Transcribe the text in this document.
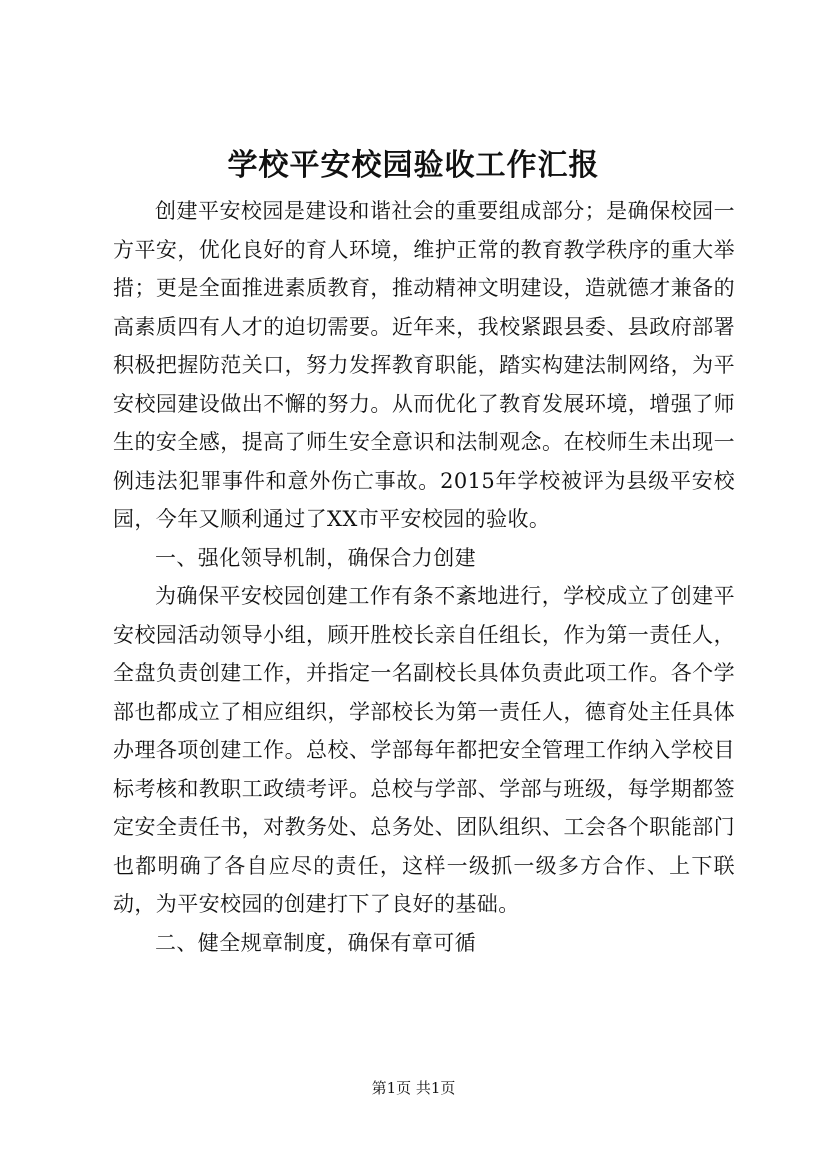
学校平安校园验收工作汇报

创建平安校园是建设和谐社会的重要组成部分；是确保校园一方平安，优化良好的育人环境，维护正常的教育教学秩序的重大举措；更是全面推进素质教育，推动精神文明建设，造就德才兼备的高素质四有人才的迫切需要。近年来，我校紧跟县委、县政府部署积极把握防范关口，努力发挥教育职能，踏实构建法制网络，为平安校园建设做出不懈的努力。从而优化了教育发展环境，增强了师生的安全感，提高了师生安全意识和法制观念。在校师生未出现一例违法犯罪事件和意外伤亡事故。2015年学校被评为县级平安校园，今年又顺利通过了XX市平安校园的验收。

一、强化领导机制，确保合力创建

为确保平安校园创建工作有条不紊地进行，学校成立了创建平安校园活动领导小组，顾开胜校长亲自任组长，作为第一责任人，全盘负责创建工作，并指定一名副校长具体负责此项工作。各个学部也都成立了相应组织，学部校长为第一责任人，德育处主任具体办理各项创建工作。总校、学部每年都把安全管理工作纳入学校目标考核和教职工政绩考评。总校与学部、学部与班级，每学期都签定安全责任书，对教务处、总务处、团队组织、工会各个职能部门也都明确了各自应尽的责任，这样一级抓一级多方合作、上下联动，为平安校园的创建打下了良好的基础。

二、健全规章制度，确保有章可循

第1页 共1页
